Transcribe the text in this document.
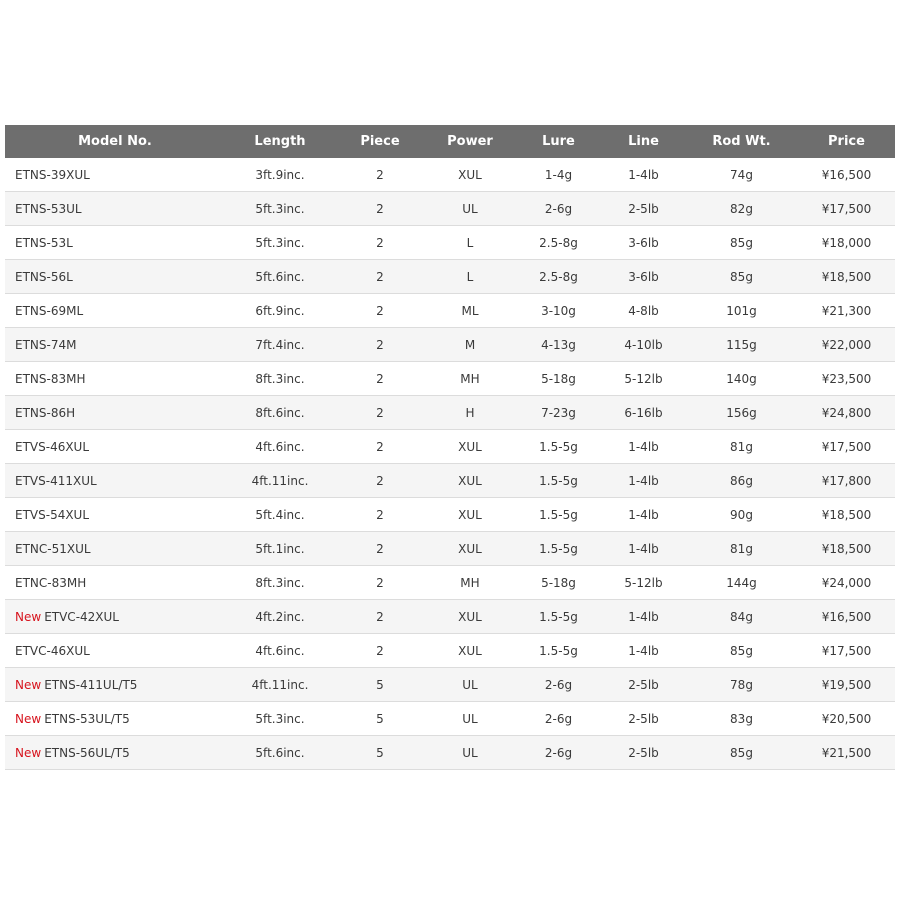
Model No.	Length	Piece	Power	Lure	Line	Rod Wt.	Price
ETNS-39XUL	3ft.9inc.	2	XUL	1-4g	1-4lb	74g	¥16,500
ETNS-53UL	5ft.3inc.	2	UL	2-6g	2-5lb	82g	¥17,500
ETNS-53L	5ft.3inc.	2	L	2.5-8g	3-6lb	85g	¥18,000
ETNS-56L	5ft.6inc.	2	L	2.5-8g	3-6lb	85g	¥18,500
ETNS-69ML	6ft.9inc.	2	ML	3-10g	4-8lb	101g	¥21,300
ETNS-74M	7ft.4inc.	2	M	4-13g	4-10lb	115g	¥22,000
ETNS-83MH	8ft.3inc.	2	MH	5-18g	5-12lb	140g	¥23,500
ETNS-86H	8ft.6inc.	2	H	7-23g	6-16lb	156g	¥24,800
ETVS-46XUL	4ft.6inc.	2	XUL	1.5-5g	1-4lb	81g	¥17,500
ETVS-411XUL	4ft.11inc.	2	XUL	1.5-5g	1-4lb	86g	¥17,800
ETVS-54XUL	5ft.4inc.	2	XUL	1.5-5g	1-4lb	90g	¥18,500
ETNC-51XUL	5ft.1inc.	2	XUL	1.5-5g	1-4lb	81g	¥18,500
ETNC-83MH	8ft.3inc.	2	MH	5-18g	5-12lb	144g	¥24,000
New ETVC-42XUL	4ft.2inc.	2	XUL	1.5-5g	1-4lb	84g	¥16,500
ETVC-46XUL	4ft.6inc.	2	XUL	1.5-5g	1-4lb	85g	¥17,500
New ETNS-411UL/T5	4ft.11inc.	5	UL	2-6g	2-5lb	78g	¥19,500
New ETNS-53UL/T5	5ft.3inc.	5	UL	2-6g	2-5lb	83g	¥20,500
New ETNS-56UL/T5	5ft.6inc.	5	UL	2-6g	2-5lb	85g	¥21,500
